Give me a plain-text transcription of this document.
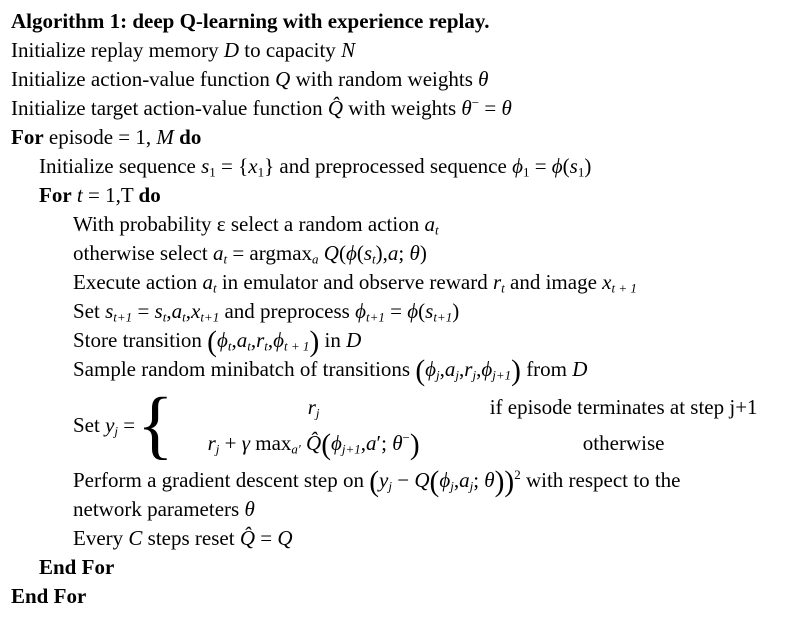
Algorithm 1: deep Q-learning with experience replay.
Initialize replay memory D to capacity N
Initialize action-value function Q with random weights θ
Initialize target action-value function Q̂ with weights θ− = θ
For episode = 1, M do
Initialize sequence s1 = {x1} and preprocessed sequence ϕ1 = ϕ(s1)
For t = 1,T do
With probability ε select a random action at
otherwise select at = argmaxa Q(ϕ(st),a; θ)
Execute action at in emulator and observe reward rt and image xt + 1
Set st+1 = st,at,xt+1 and preprocess ϕt+1 = ϕ(st+1)
Store transition (ϕt,at,rt,ϕt + 1) in D
Sample random minibatch of transitions (ϕj,aj,rj,ϕj+1) from D
Set yj = {	rj	if episode terminates at step j+1
rj + γ maxa′ Q̂(ϕj+1,a′; θ−)	otherwise
Perform a gradient descent step on (yj − Q(ϕj,aj; θ))$^2$ with respect to the
network parameters θ
Every C steps reset Q̂ = Q
End For
End For
